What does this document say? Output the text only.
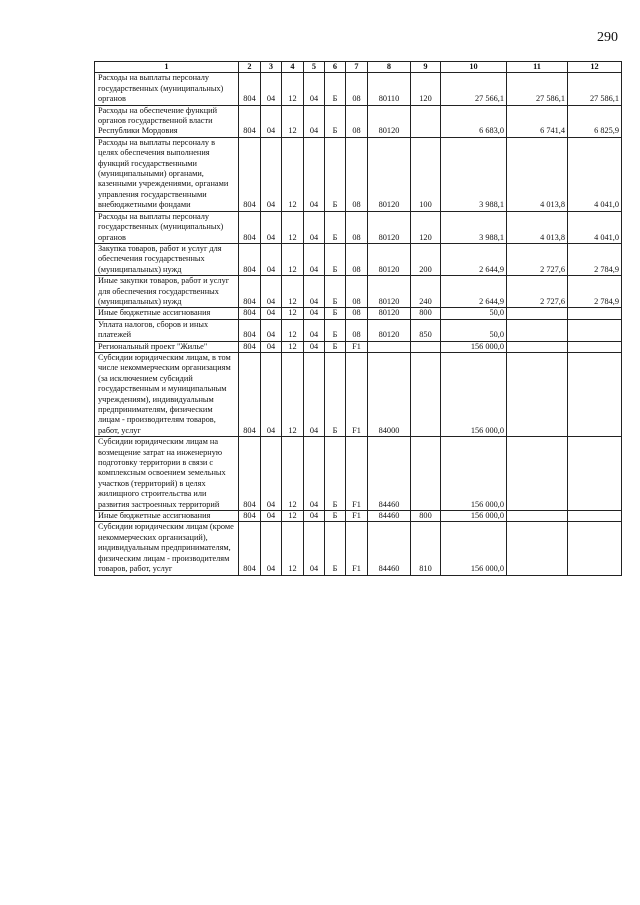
290
1	2	3	4	5	6	7	8	9	10	11	12
Расходы на выплаты персоналу государственных (муниципальных) органов	804	04	12	04	Б	08	80110	120	27 566,1	27 586,1	27 586,1
Расходы на обеспечение функций органов государственной власти Республики Мордовия	804	04	12	04	Б	08	80120		6 683,0	6 741,4	6 825,9
Расходы на выплаты персоналу в целях обеспечения выполнения функций государственными (муниципальными) органами, казенными учреждениями, органами управления государственными внебюджетными фондами	804	04	12	04	Б	08	80120	100	3 988,1	4 013,8	4 041,0
Расходы на выплаты персоналу государственных (муниципальных) органов	804	04	12	04	Б	08	80120	120	3 988,1	4 013,8	4 041,0
Закупка товаров, работ и услуг для обеспечения государственных (муниципальных) нужд	804	04	12	04	Б	08	80120	200	2 644,9	2 727,6	2 784,9
Иные закупки товаров, работ и услуг для обеспечения государственных (муниципальных) нужд	804	04	12	04	Б	08	80120	240	2 644,9	2 727,6	2 784,9
Иные бюджетные ассигнования	804	04	12	04	Б	08	80120	800	50,0		
Уплата налогов, сборов и иных платежей	804	04	12	04	Б	08	80120	850	50,0		
Региональный проект "Жилье"	804	04	12	04	Б	F1			156 000,0		
Субсидии юридическим лицам, в том числе некоммерческим организациям (за исключением субсидий государственным и муниципальным учреждениям), индивидуальным предпринимателям, физическим лицам - производителям товаров, работ, услуг	804	04	12	04	Б	F1	84000		156 000,0		
Субсидии юридическим лицам на возмещение затрат на инженерную подготовку территории в связи с комплексным освоением земельных участков (территорий) в целях жилищного строительства или развития застроенных территорий	804	04	12	04	Б	F1	84460		156 000,0		
Иные бюджетные ассигнования	804	04	12	04	Б	F1	84460	800	156 000,0		
Субсидии юридическим лицам (кроме некоммерческих организаций), индивидуальным предпринимателям, физическим лицам - производителям товаров, работ, услуг	804	04	12	04	Б	F1	84460	810	156 000,0		
